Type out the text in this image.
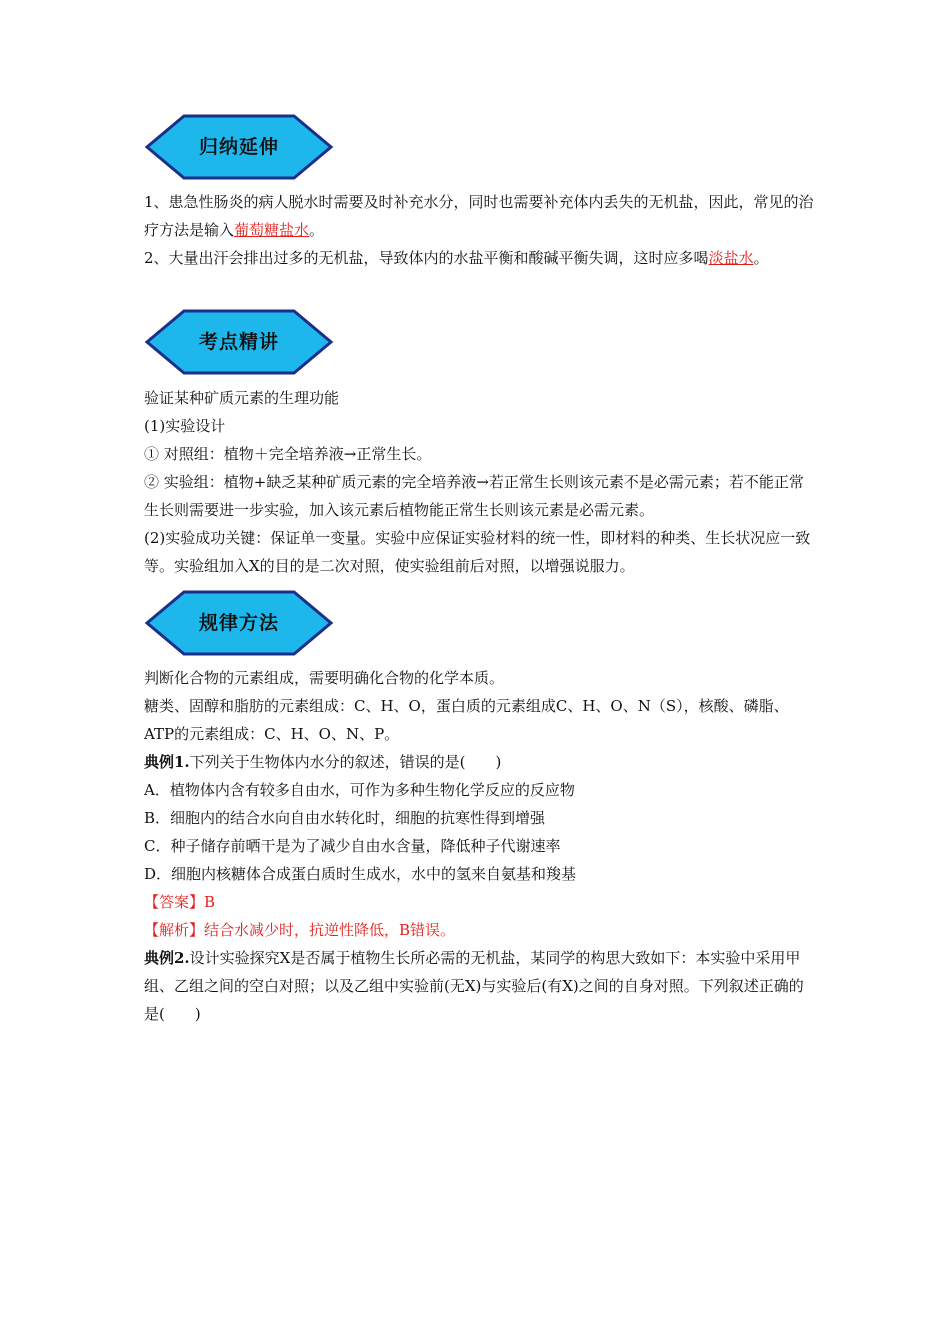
归纳延伸

1、患急性肠炎的病人脱水时需要及时补充水分，同时也需要补充体内丢失的无机盐，因此，常见的治疗方法是输入葡萄糖盐水。

2、大量出汗会排出过多的无机盐，导致体内的水盐平衡和酸碱平衡失调，这时应多喝淡盐水。

考点精讲

验证某种矿质元素的生理功能

(1)实验设计

① 对照组：植物＋完全培养液→正常生长。

② 实验组：植物+缺乏某种矿质元素的完全培养液→若正常生长则该元素不是必需元素；若不能正常生长则需要进一步实验，加入该元素后植物能正常生长则该元素是必需元素。

(2)实验成功关键：保证单一变量。实验中应保证实验材料的统一性，即材料的种类、生长状况应一致等。实验组加入X的目的是二次对照，使实验组前后对照，以增强说服力。

规律方法

判断化合物的元素组成，需要明确化合物的化学本质。

糖类、固醇和脂肪的元素组成：C、H、O，蛋白质的元素组成C、H、O、N（S），核酸、磷脂、ATP的元素组成：C、H、O、N、P。

典例1.下列关于生物体内水分的叙述，错误的是(　　)

A．植物体内含有较多自由水，可作为多种生物化学反应的反应物

B．细胞内的结合水向自由水转化时，细胞的抗寒性得到增强

C．种子储存前晒干是为了减少自由水含量，降低种子代谢速率

D．细胞内核糖体合成蛋白质时生成水，水中的氢来自氨基和羧基

【答案】B

【解析】结合水减少时，抗逆性降低，B错误。

典例2.设计实验探究X是否属于植物生长所必需的无机盐，某同学的构思大致如下：本实验中采用甲组、乙组之间的空白对照；以及乙组中实验前(无X)与实验后(有X)之间的自身对照。下列叙述正确的是(　　)
